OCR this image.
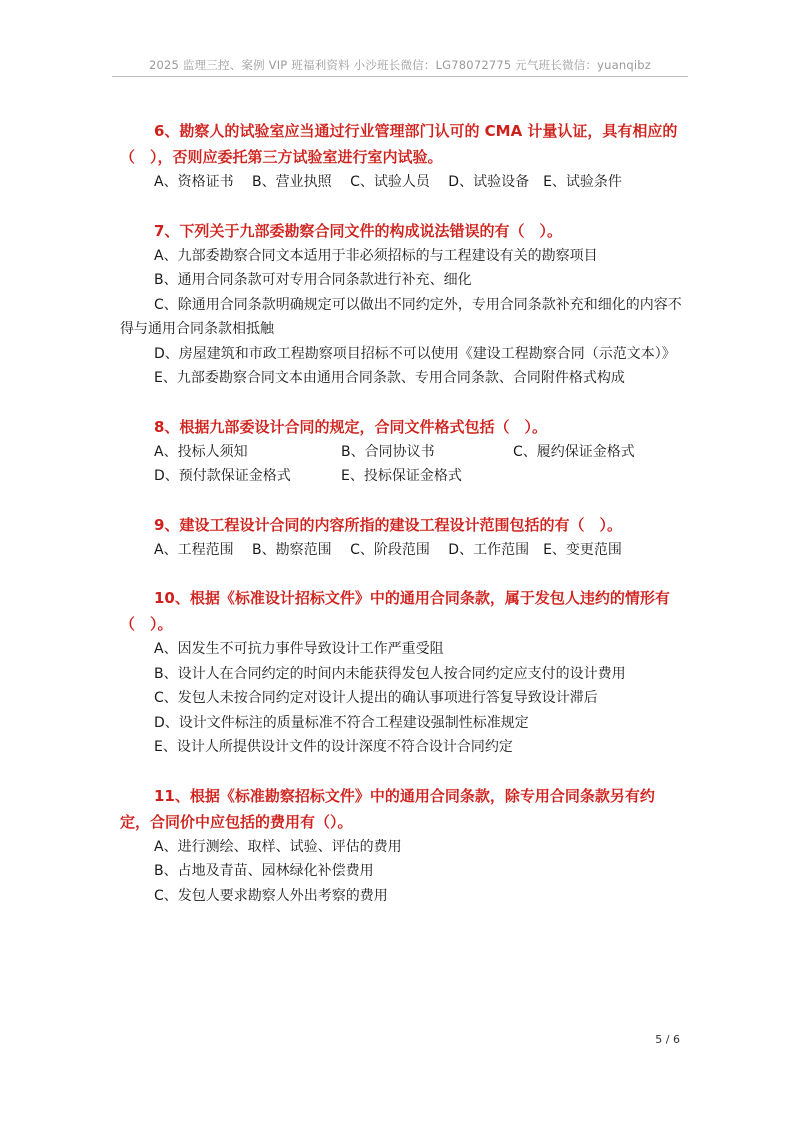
2025 监理三控、案例 VIP 班福利资料 小沙班长微信：LG78072775 元气班长微信：yuanqibz

6、勘察人的试验室应当通过行业管理部门认可的 CMA 计量认证，具有相应的（　），否则应委托第三方试验室进行室内试验。

A、资格证书　 B、营业执照　 C、试验人员　 D、试验设备　E、试验条件

7、下列关于九部委勘察合同文件的构成说法错误的有（　）。

A、九部委勘察合同文本适用于非必须招标的与工程建设有关的勘察项目

B、通用合同条款可对专用合同条款进行补充、细化

C、除通用合同条款明确规定可以做出不同约定外，专用合同条款补充和细化的内容不得与通用合同条款相抵触

D、房屋建筑和市政工程勘察项目招标不可以使用《建设工程勘察合同（示范文本）》

E、九部委勘察合同文本由通用合同条款、专用合同条款、合同附件格式构成

8、根据九部委设计合同的规定，合同文件格式包括（　）。

A、投标人须知	B、合同协议书	C、履约保证金格式
D、预付款保证金格式	E、投标保证金格式

9、建设工程设计合同的内容所指的建设工程设计范围包括的有（　）。

A、工程范围　 B、勘察范围　 C、阶段范围　 D、工作范围　E、变更范围

10、根据《标准设计招标文件》中的通用合同条款，属于发包人违约的情形有（　）。

A、因发生不可抗力事件导致设计工作严重受阻

B、设计人在合同约定的时间内未能获得发包人按合同约定应支付的设计费用

C、发包人未按合同约定对设计人提出的确认事项进行答复导致设计滞后

D、设计文件标注的质量标准不符合工程建设强制性标准规定

E、设计人所提供设计文件的设计深度不符合设计合同约定

11、根据《标准勘察招标文件》中的通用合同条款，除专用合同条款另有约定，合同价中应包括的费用有（）。

A、进行测绘、取样、试验、评估的费用

B、占地及青苗、园林绿化补偿费用

C、发包人要求勘察人外出考察的费用

5 / 6
